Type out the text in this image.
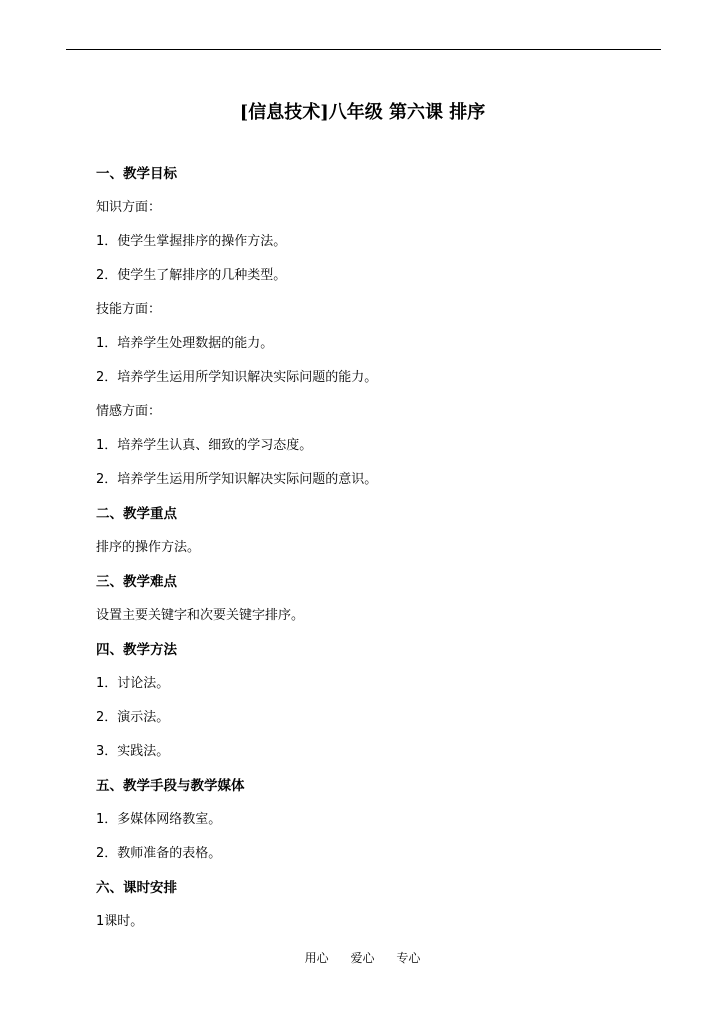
[信息技术]八年级 第六课 排序
一、教学目标
知识方面：
1．使学生掌握排序的操作方法。
2．使学生了解排序的几种类型。
技能方面：
1．培养学生处理数据的能力。
2．培养学生运用所学知识解决实际问题的能力。
情感方面：
1．培养学生认真、细致的学习态度。
2．培养学生运用所学知识解决实际问题的意识。
二、教学重点
排序的操作方法。
三、教学难点
设置主要关键字和次要关键字排序。
四、教学方法
1．讨论法。
2．演示法。
3．实践法。
五、教学手段与教学媒体
1．多媒体网络教室。
2．教师准备的表格。
六、课时安排
1课时。
用心 爱心 专心
